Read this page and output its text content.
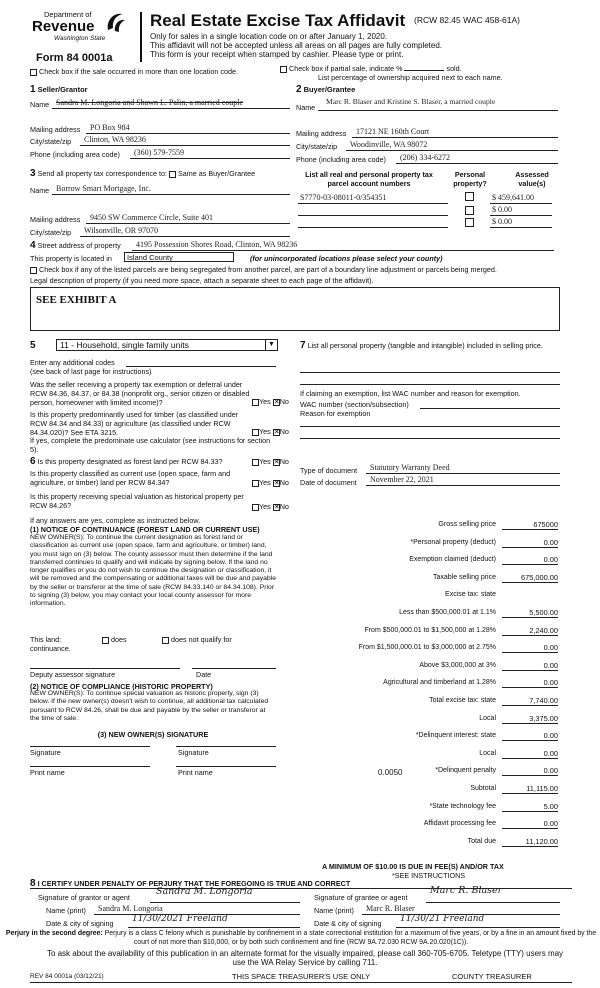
Department of
Revenue
Washington State
Form 84 0001a
Real Estate Excise Tax Affidavit (RCW 82.45 WAC 458-61A)
Only for sales in a single location code on or after January 1, 2020.
This affidavit will not be accepted unless all areas on all pages are fully completed.
This form is your receipt when stamped by cashier. Please type or print.
Check box if the sale occurred in more than one location code.	Check box if partial sale, indicate %	sold.
List percentage of ownership acquired next to each name.
1 Seller/Grantor
Name Sandra M. Longoria and Shawn L. Palin, a married couple
Mailing address PO Box 984
City/state/zip Clinton, WA 98236
Phone (including area code) (360) 579-7559
2 Buyer/Grantee
Name
Marc R. Blaser and Kristine S. Blaser, a married couple
Mailing address 17121 NE 160th Court
City/state/zip Woodinville, WA 98072
Phone (including area code) (206) 334-6272
3 Send all property tax correspondence to: Same as Buyer/Grantee
Name Borrow Smart Mortgage, Inc.
Mailing address 9450 SW Commerce Circle, Suite 401
City/state/zip Wilsonville, OR 97070
List all real and personal property tax parcel account numbers
Personal property?
Assessed value(s)
S7770-03-08011-0/354351	$ 459,641.00
$ 0.00
$ 0.00
4 Street address of property 4195 Possession Shores Road, Clinton, WA 98236
This property is located in	Island County	(for unincorporated locations please select your county)
Check box if any of the listed parcels are being segregated from another parcel, are part of a boundary line adjustment or parcels being merged.
Legal description of property (if you need more space, attach a separate sheet to each page of the affidavit).
SEE EXHIBIT A
5	11 - Household, single family units	▼
Enter any additional codes
(see back of last page for instructions)
Was the seller receiving a property tax exemption or deferral under RCW 84.36, 84.37, or 84.38 (nonprofit org., senior citizen or disabled person, homeowner with limited income)?	Yes ✕ No
Is this property predominantly used for timber (as classified under RCW 84.34 and 84.33) or agriculture (as classified under RCW 84.34.020)? See ETA 3215.	Yes ✕ No
If yes, complete the predominate use calculator (see instructions for section 5).
6 Is this property designated as forest land per RCW 84.33?	Yes ✕ No
Is this property classified as current use (open space, farm and agriculture, or timber) land per RCW 84.34?	Yes ✕ No
Is this property receiving special valuation as historical property per RCW 84.26?	Yes ✕ No
If any answers are yes, complete as instructed below.
(1) NOTICE OF CONTINUANCE (FOREST LAND OR CURRENT USE)
NEW OWNER(S): To continue the current designation as forest land or classification as current use (open space, farm and agriculture, or timber) land, you must sign on (3) below. The county assessor must then determine if the land transferred continues to qualify and will indicate by signing below. If the land no longer qualifies or you do not wish to continue the designation or classification, it will be removed and the compensating or additional taxes will be due and payable by the seller or transferor at the time of sale (RCW 84.33.140 or 84.34.108). Prior to signing (3) below, you may contact your local county assessor for more information.
This land:	does	does not qualify for
continuance.
Deputy assessor signature	Date
(2) NOTICE OF COMPLIANCE (HISTORIC PROPERTY)
NEW OWNER(S): To continue special valuation as historic property, sign (3) below. If the new owner(s) doesn't wish to continue, all additional tax calculated pursuant to RCW 84.26, shall be due and payable by the seller or transferor at the time of sale.
(3) NEW OWNER(S) SIGNATURE
Signature	Signature
Print name	Print name
7 List all personal property (tangible and intangible) included in selling price.
If claiming an exemption, list WAC number and reason for exemption.
WAC number (section/subsection)
Reason for exemption
Type of document Statutory Warranty Deed
Date of document November 22, 2021
Gross selling price	675000
*Personal property (deduct)	0.00
Exemption claimed (deduct)	0.00
Taxable selling price	675,000.00
Excise tax: state
Less than $500,000.01 at 1.1%	5,500.00
From $500,000.01 to $1,500,000 at 1.28%	2,240.00
From $1,500,000.01 to $3,000,000 at 2.75%	0.00
Above $3,000,000 at 3%	0.00
Agricultural and timberland at 1.28%	0.00
Total excise tax: state	7,740.00
Local	3,375.00
*Delinquent interest: state	0.00
Local	0.00
*Delinquent penalty	0.00
Subtotal	11,115.00
*State technology fee	5.00
Affidavit processing fee	0.00
Total due	11,120.00
0.0050
A MINIMUM OF $10.00 IS DUE IN FEE(S) AND/OR TAX
*SEE INSTRUCTIONS
8 I CERTIFY UNDER PENALTY OF PERJURY THAT THE FOREGOING IS TRUE AND CORRECT
Signature of grantor or agent
Sandra M. Longoria
Name (print) Sandra M. Longoria
Date & city of signing 11/30/2021 Freeland
Signature of grantee or agent
Marc R. Blaser
Name (print) Marc R. Blaser
Date & city of signing 11/30/21 Freeland
Perjury in the second degree: Perjury is a class C felony which is punishable by confinement in a state correctional institution for a maximum of five years, or by a fine in an amount fixed by the court of not more than $10,000, or by both such confinement and fine (RCW 9A.72.030 RCW 9A.20.020(1C)).
To ask about the availability of this publication in an alternate format for the visually impaired, please call 360-705-6705. Teletype (TTY) users may use the WA Relay Service by calling 711.
REV 84 0001a (03/12/21)	THIS SPACE TREASURER'S USE ONLY	COUNTY TREASURER
